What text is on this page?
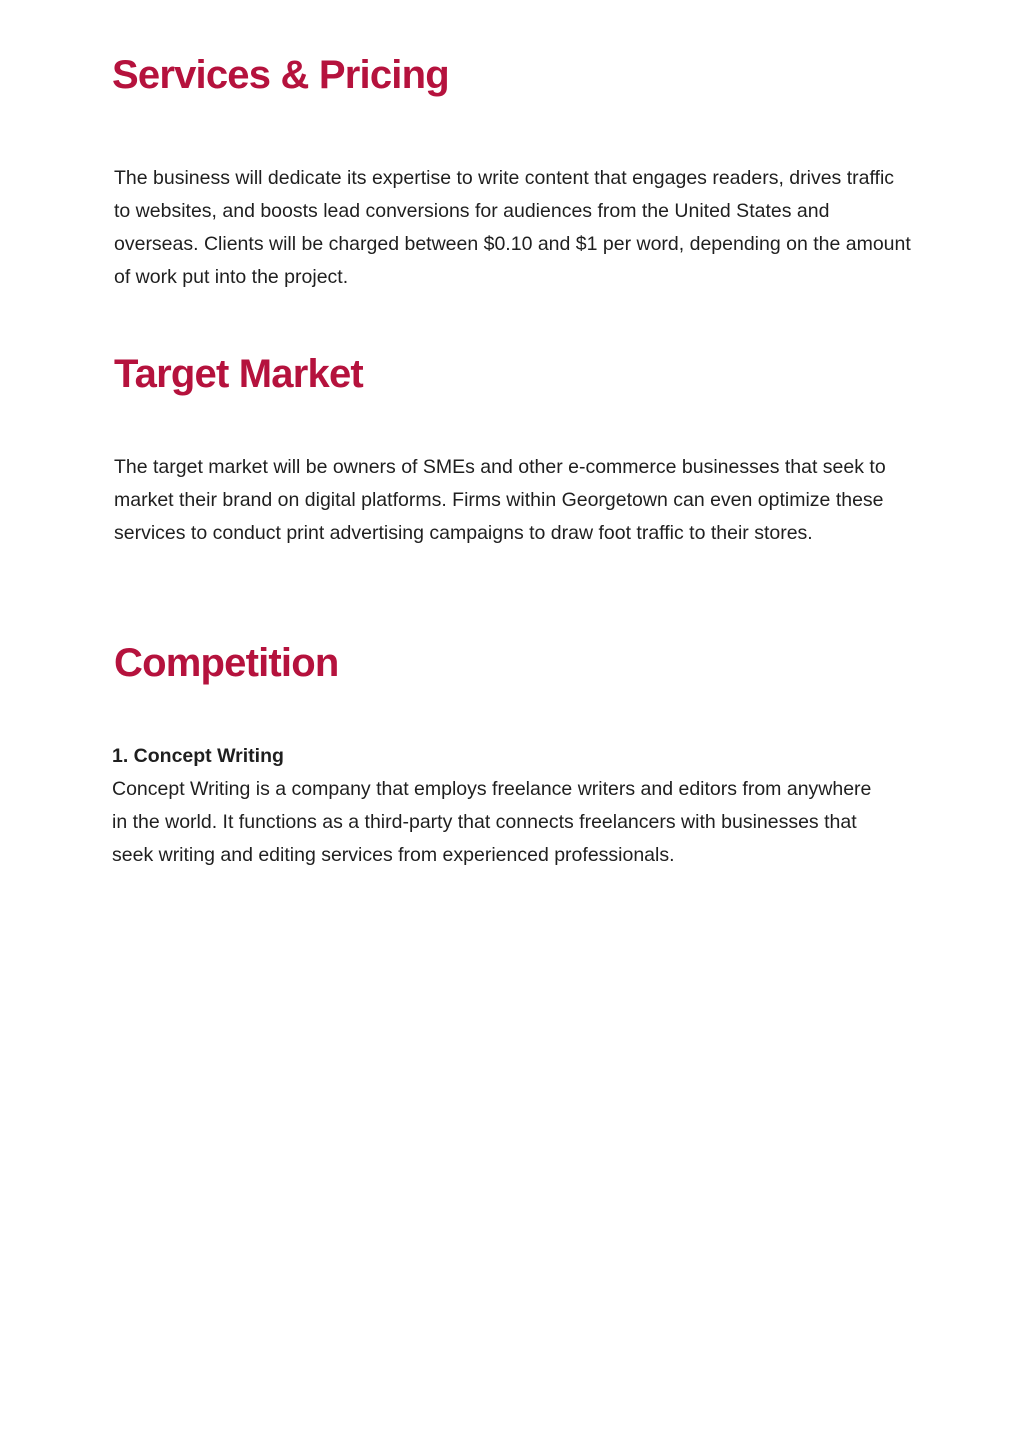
Services & Pricing

The business will dedicate its expertise to write content that engages readers, drives traffic to websites, and boosts lead conversions for audiences from the United States and overseas. Clients will be charged between $0.10 and $1 per word, depending on the amount of work put into the project.

Target Market

The target market will be owners of SMEs and other e-commerce businesses that seek to market their brand on digital platforms. Firms within Georgetown can even optimize these services to conduct print advertising campaigns to draw foot traffic to their stores.

Competition
1. Concept Writing

Concept Writing is a company that employs freelance writers and editors from anywhere in the world. It functions as a third-party that connects freelancers with businesses that seek writing and editing services from experienced professionals.
